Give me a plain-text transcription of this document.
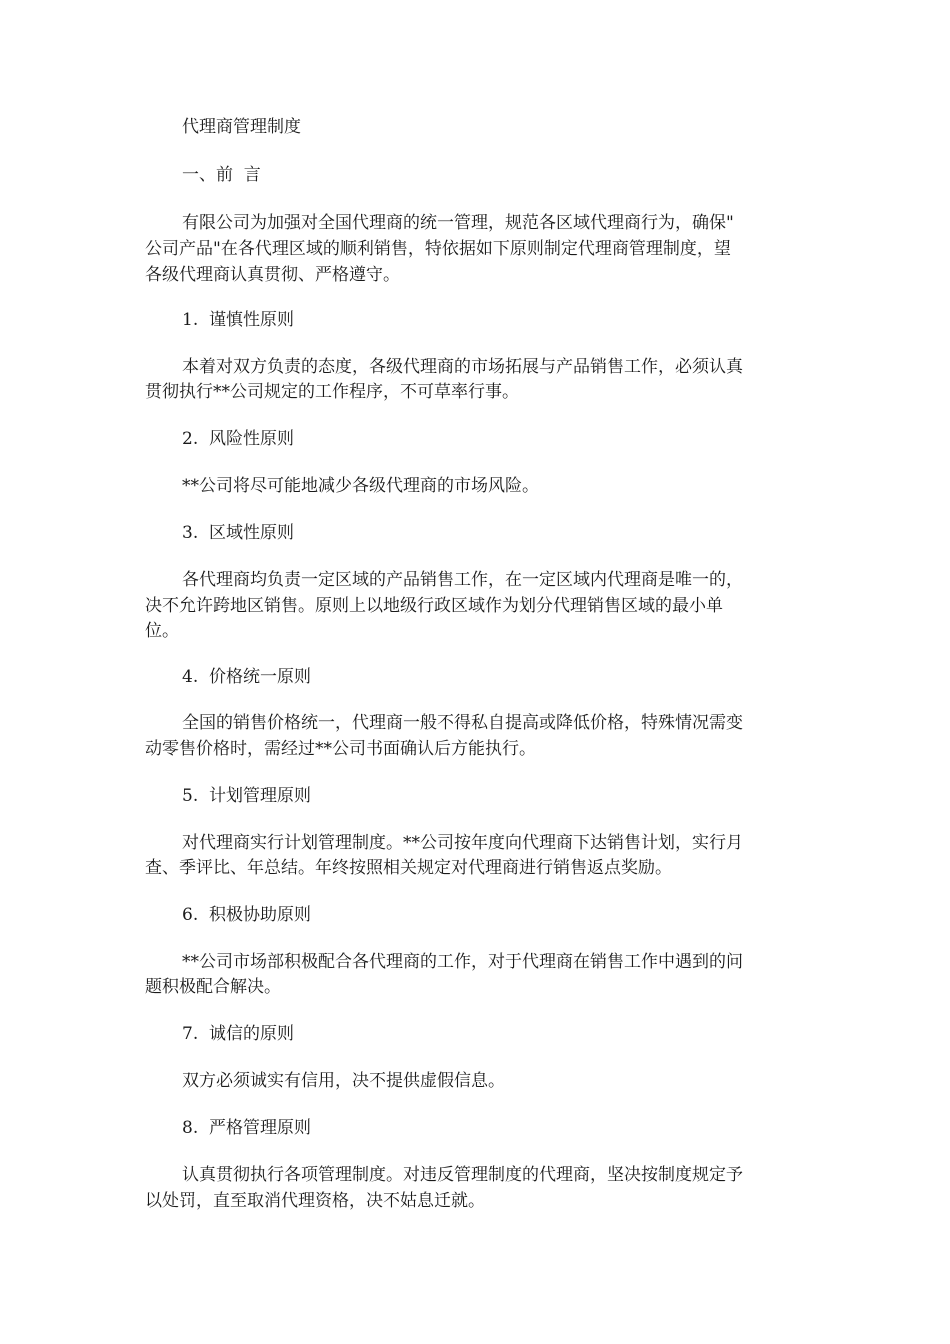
代理商管理制度
一、前  言
有限公司为加强对全国代理商的统一管理，规范各区域代理商行为，确保"
公司产品"在各代理区域的顺利销售，特依据如下原则制定代理商管理制度，望
各级代理商认真贯彻、严格遵守。
1.  谨慎性原则
本着对双方负责的态度，各级代理商的市场拓展与产品销售工作，必须认真
贯彻执行**公司规定的工作程序，不可草率行事。
2.  风险性原则
**公司将尽可能地减少各级代理商的市场风险。
3.  区域性原则
各代理商均负责一定区域的产品销售工作，在一定区域内代理商是唯一的，
决不允许跨地区销售。原则上以地级行政区域作为划分代理销售区域的最小单
位。
4.  价格统一原则
全国的销售价格统一，代理商一般不得私自提高或降低价格，特殊情况需变
动零售价格时，需经过**公司书面确认后方能执行。
5.  计划管理原则
对代理商实行计划管理制度。**公司按年度向代理商下达销售计划，实行月
查、季评比、年总结。年终按照相关规定对代理商进行销售返点奖励。
6.  积极协助原则
**公司市场部积极配合各代理商的工作，对于代理商在销售工作中遇到的问
题积极配合解决。
7.  诚信的原则
双方必须诚实有信用，决不提供虚假信息。
8.  严格管理原则
认真贯彻执行各项管理制度。对违反管理制度的代理商，坚决按制度规定予
以处罚，直至取消代理资格，决不姑息迁就。
